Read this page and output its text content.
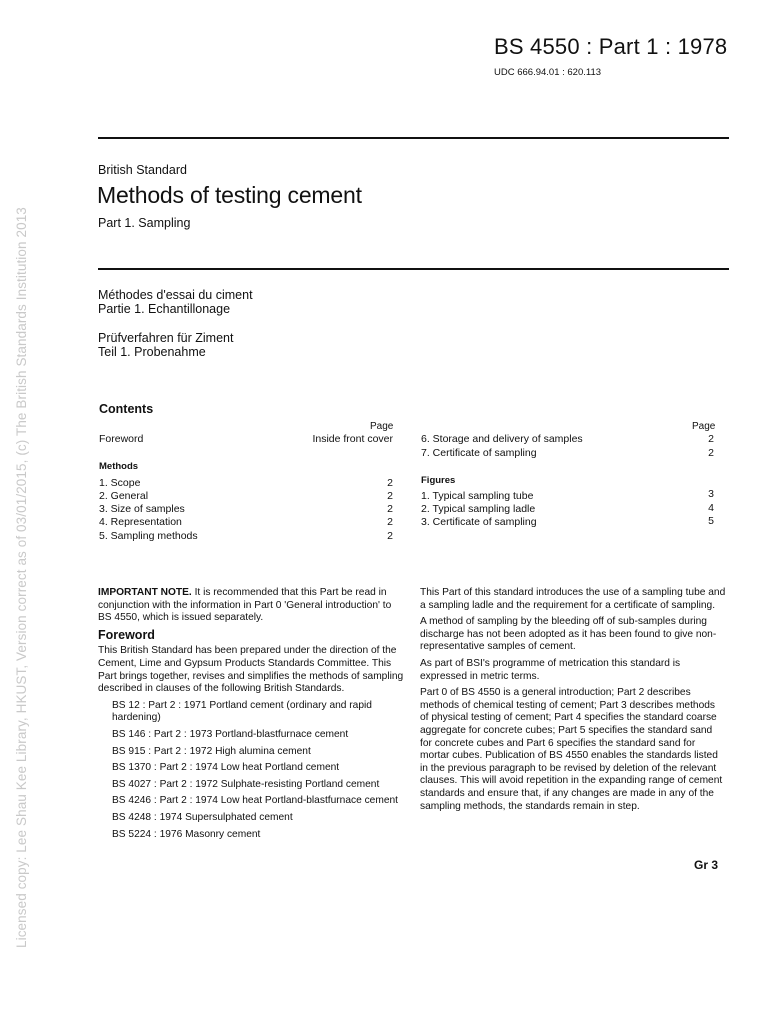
Licensed copy: Lee Shau Kee Library, HKUST, Version correct as of 03/01/2015, (c) The British Standards Institution 2013
BS 4550 : Part 1 : 1978
UDC 666.94.01 : 620.113
British Standard
Methods of testing cement
Part 1. Sampling
Méthodes d'essai du ciment
Partie 1. Echantillonage
Prüfverfahren für Ziment
Teil 1. Probenahme
Contents
Page
Foreword	Inside front cover
Methods
1. Scope	2
2. General	2
3. Size of samples	2
4. Representation	2
5. Sampling methods	2
Page
6. Storage and delivery of samples	2
7. Certificate of sampling	2
Figures
1. Typical sampling tube	3
2. Typical sampling ladle	4
3. Certificate of sampling	5

IMPORTANT NOTE. It is recommended that this Part be read in conjunction with the information in Part 0 'General introduction' to BS 4550, which is issued separately.

Foreword

This British Standard has been prepared under the direction of the Cement, Lime and Gypsum Products Standards Committee. This Part brings together, revises and simplifies the methods of sampling described in clauses of the following British Standards.

BS 12 : Part 2 : 1971 Portland cement (ordinary and rapid hardening)
BS 146 : Part 2 : 1973 Portland-blastfurnace cement
BS 915 : Part 2 : 1972 High alumina cement
BS 1370 : Part 2 : 1974 Low heat Portland cement
BS 4027 : Part 2 : 1972 Sulphate-resisting Portland cement
BS 4246 : Part 2 : 1974 Low heat Portland-blastfurnace cement
BS 4248 : 1974 Supersulphated cement
BS 5224 : 1976 Masonry cement

This Part of this standard introduces the use of a sampling tube and a sampling ladle and the requirement for a certificate of sampling.

A method of sampling by the bleeding off of sub-samples during discharge has not been adopted as it has been found to give non-representative samples of cement.

As part of BSI's programme of metrication this standard is expressed in metric terms.

Part 0 of BS 4550 is a general introduction; Part 2 describes methods of chemical testing of cement; Part 3 describes methods of physical testing of cement; Part 4 specifies the standard coarse aggregate for concrete cubes; Part 5 specifies the standard sand for concrete cubes and Part 6 specifies the standard sand for mortar cubes. Publication of BS 4550 enables the standards listed in the previous paragraph to be revised by deletion of the relevant clauses. This will avoid repetition in the expanding range of cement standards and ensure that, if any changes are made in any of the sampling methods, the standards remain in step.

Gr 3
